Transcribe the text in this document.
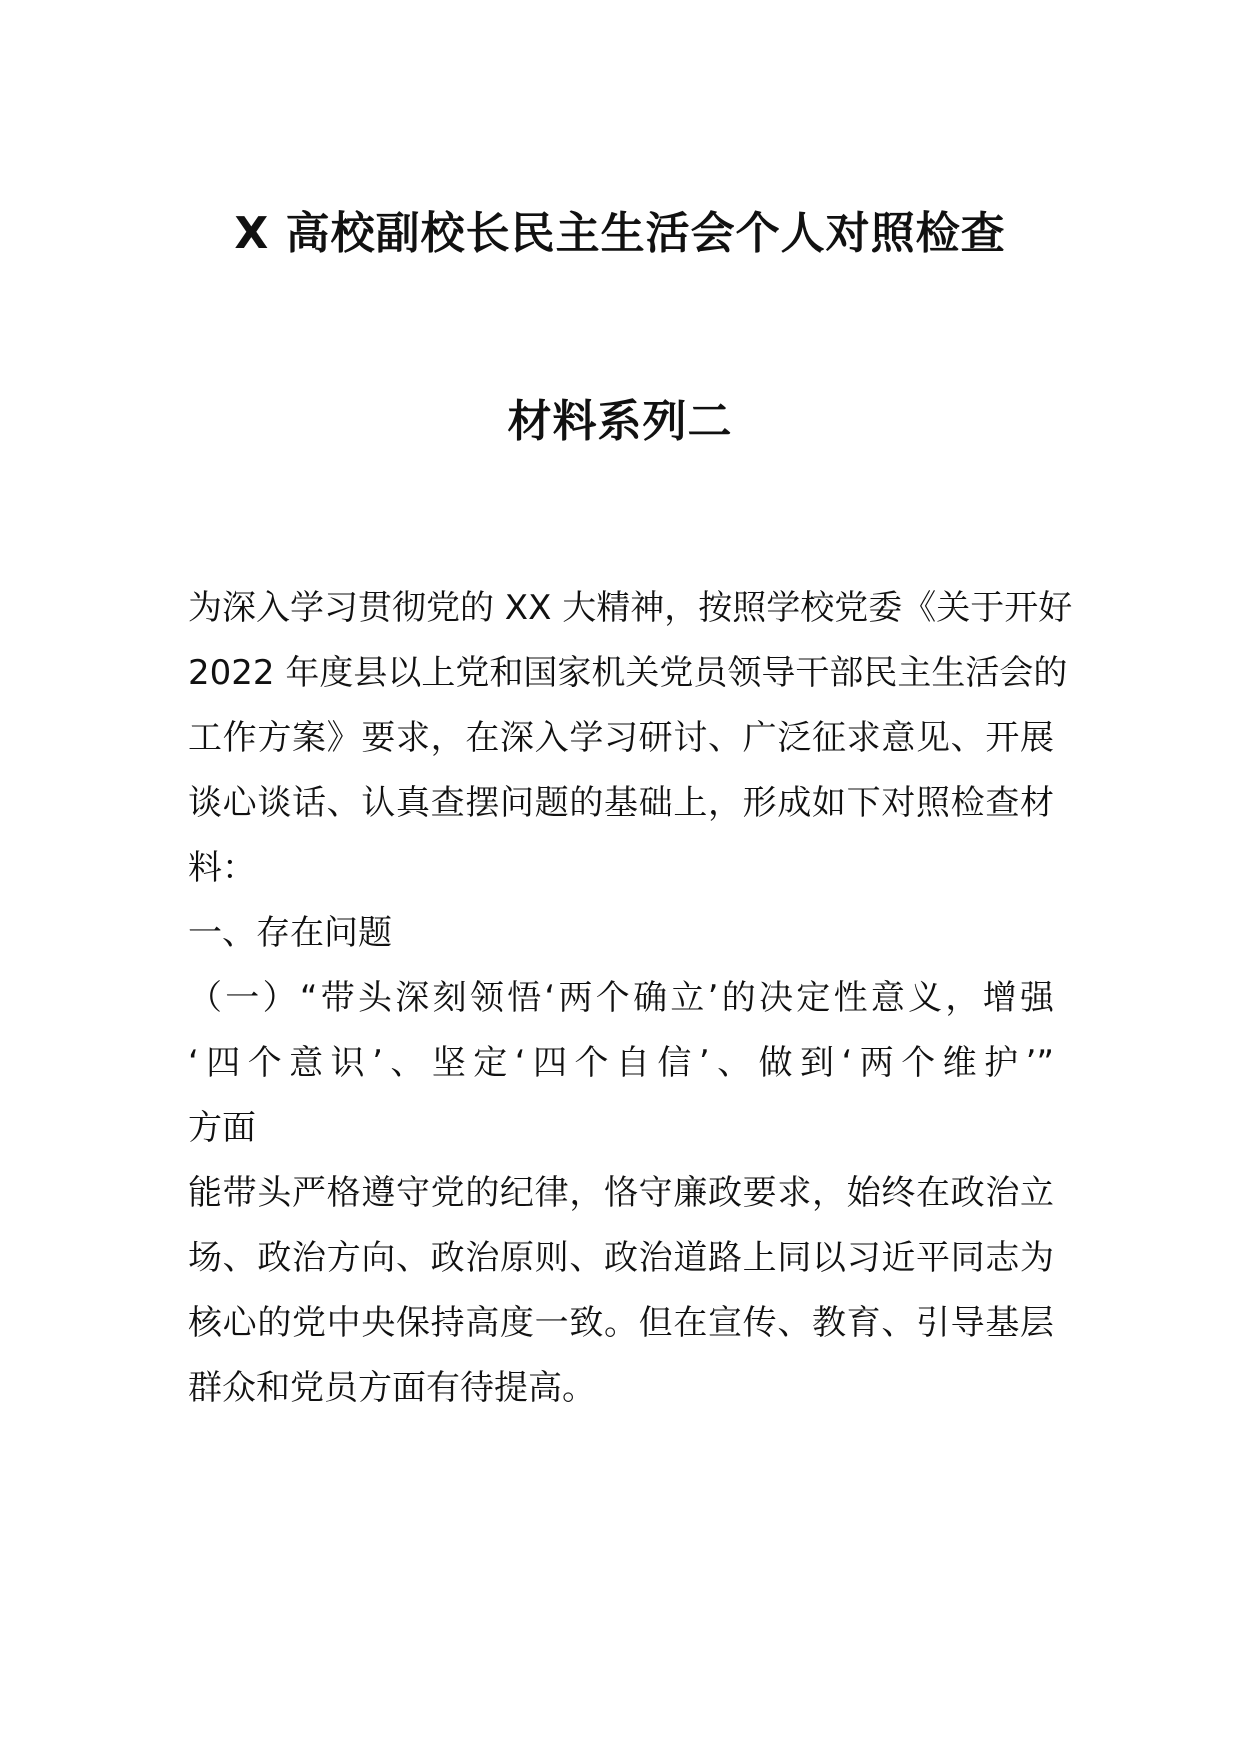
X 高校副校长民主生活会个人对照检查
材料系列二
为深入学习贯彻党的 XX 大精神，按照学校党委《关于开好
2022 年度县以上党和国家机关党员领导干部民主生活会的
工作方案》要求，在深入学习研讨、广泛征求意见、开展
谈心谈话、认真查摆问题的基础上，形成如下对照检查材
料：
一、存在问题
（一）“带头深刻领悟‘两个确立’的决定性意义，增强
‘四个意识’、坚定‘四个自信’、做到‘两个维护’”
方面
能带头严格遵守党的纪律，恪守廉政要求，始终在政治立
场、政治方向、政治原则、政治道路上同以习近平同志为
核心的党中央保持高度一致。但在宣传、教育、引导基层
群众和党员方面有待提高。
